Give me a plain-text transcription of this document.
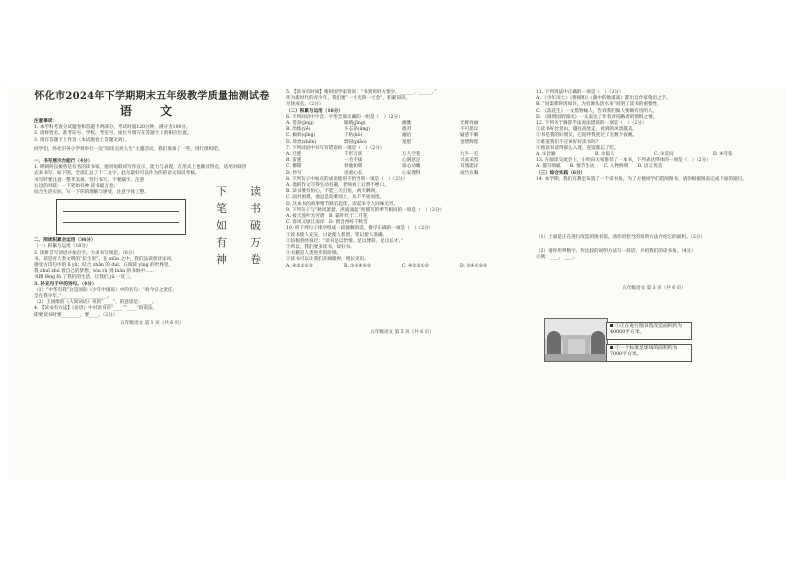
怀化市2024年下学期期末五年级教学质量抽测试卷
语 文
注意事项：
1. 本学科考查分试题卷和答题卡两部分。考试时量120分钟，满分为100分。
2. 请将姓名、准考证号、学校、考室号、座位号填写在答题卡上的相应位置。
3. 请在答题卡上作答（本试题卷上答题无效）。
同学们，怀化市各小学将举行一次“阅读点亮人生”主题活动，我们准备了一些，进行组织吧。
一、书写展示台能行（4分）
1. 明朝何良俊曾是有名的读书家，他用短联词写作宣示，能力与表现，在形式上也颇具特点，适用对联形
式来书写，如下图，全部汇总了十二文字。此句最好可以作为你的语文知识考核。
书写时要注意：整齐美观、竖行书写，不要漏字、注意
右边的对联：一下笔如有神 读书破万卷，
结合生活实际，写一下你的理解与感受，注意字体工整。
二、阅读积累会运用（36分）
（一）积累与运用（18分）
2. 读拼音写词语并加点字。力求书写规范。（6分）
书，读是对人类文明的“长生果”。在 xiūn 之中，我们品读唐诗宋词，
感受古诗句中的 lǐ yǔ；结合 zhǎn 的 duì；在阅读 yìng 的世界里，
我 zhuī zhú 着自己的梦想，tóu rù 到 biàn 的书海中……
书籍 fēng fù 了我们的生活，让我们 jǔ 一反三。
3. 补充句子中的诗句。（4分）
（1）“中华有我”这是国际《少年中国说》中的名句：“故今日之责任，
全在我少年。”_________，_________。
（2）王国维的《人间词话》说的“____”，的意思是：____。
4. 【读书有方法】《论语》中对读书有“____”“____”的说法，
即要读书时要________，要____。（2分）
五年级语文 第 1 页（共 6 页）
读
书
破
万
卷
下
笔
如
有
神
5. 【读书有时间】梅时国学家曾说：“书到用时方恨少，______，______。”
作为新时代的青少年，我们要“一寸光阴一寸金”，积累知识，
尽快成长。（2分）
（二）积累与运用（16分）
6. 下列词语中字音、字形全部正确的一组是（　）（2分）
A. 苍劲(jìng)	眼睛(jīng)	幽雅	光鲜亮丽
B. 冶炼(yě)	斗志昂(áng)	敌对	不可思议
C. 倾斜(qīng)	干枯(kū)	融洽	疑惑不解
D. 珍贵(zhēn)	剽窃(piāo)	宽慰	金碧辉煌
7. 下列词语中书写有错误的一项是（　）（2分）
A. 迁徙	千形万状	万人空巷	九牛一毛
B. 雷霆	一毛不拔	心满意足	兴高采烈
C. 挪移	骨瘦如柴	惊心动魄	耳熟能详
D. 抄写	语重心长	心安理得	成竹在胸
8. 下列句子中加点的成语使用不恰当的一项是（　）（2分）
A. 他的作文写得生动有趣，老师看了后赞不绝口。
B. 读书要有恒心，不能三天打鱼，两天晒网。
C. 面对困难，他总是迎难而上，从不半途而废。
D. 这本书的故事情节跌宕起伏，读起来令人回味无穷。
9. 下列句子与“秋风萧瑟，洪波涌起”所描写的季节相同的一项是（　）（2分）
A. 接天莲叶无穷碧　B. 霜叶红于二月花
C. 春风又绿江南岸　D. 窗含西岭千秋雪
10. 将下列句子排序组成一段通顺的话，排序正确的一项是（　）（2分）
①读书使人充实，讨论使人机智，笔记使人准确。
②培根曾经说过：“读书足以怡情，足以博彩，足以长才。”
③所以，我们要多读书，读好书。
④书籍是人类进步的阶梯。
⑤读书可以让我们开阔眼界，增长见识。
A. ④⑤②①③	B. ②①④⑤③	C. ④②⑤①③	D. ②④①⑤③
五年级语文 第 2 页（共 6 页）
11. 下列说法中正确的一项是（　）（2分）
A. 《少年闰土》《将相和》《冀中的地道战》都出自作家鲁迅之手。
B. “问渠那得清如许，为有源头活水来”说明了读书的重要性。
C. 《落花生》一文借物喻人，告诉我们做人要做有用的人。
D. 《圆明园的毁灭》一文表达了作者对侵略者的愤恨之情。
12. 下列关于修辞手法说法错误的一项是（　）（2分）
①读书好比登山，越往高处走，看到的风景越美。
②书是我的好朋友，它陪伴我度过了无数个夜晚。
③难道我们不应该好好读书吗？
④他读书读得那么入迷，连饭都忘了吃。
A. ①比喻	B. ②拟人	C. ③反问	D. ④夸张
13. 在阅读交流会上，小明向大家推荐了一本书，下列表达得体的一项是（　）（2分）
A. 描写细腻　　B. 情节生动　　C. 人物鲜明　　D. 语言优美
（三）综合实践（6分）
14. 本学期，我们在教室布置了一个读书角，为了方便同学们借阅图书，请你根据图表完成下面的题目。
（1）上面是正在进行改造的图书馆，请你用恰当的说明方法介绍它的面积。（2分）
（2）请你用列数字、作比较的说明方法写一段话，介绍我们的读书角。（4分）
示例：____，____。
五年级语文 第 3 页（共 6 页）
①正在进行图书馆改造面积约为40000平方米。
①一个标准足球场的面积约为7000平方米。
